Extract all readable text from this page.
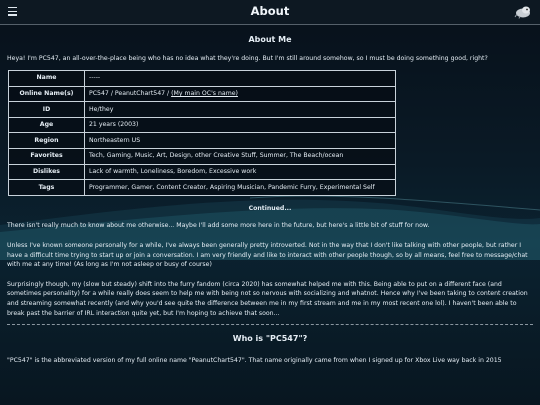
About
About Me

Heya! I'm PC547, an all-over-the-place being who has no idea what they're doing. But I'm still around somehow, so I must be doing something good, right?

Name	-----
Online Name(s)	PC547 / PeanutChart547 / (My main OC's name)
ID	He/they
Age	21 years (2003)
Region	Northeastern US
Favorites	Tech, Gaming, Music, Art, Design, other Creative Stuff, Summer, The Beach/ocean
Dislikes	Lack of warmth, Loneliness, Boredom, Excessive work
Tags	Programmer, Gamer, Content Creator, Aspiring Musician, Pandemic Furry, Experimental Self
Continued...

There isn't really much to know about me otherwise... Maybe I'll add some more here in the future, but here's a little bit of stuff for now.

Unless I've known someone personally for a while, I've always been generally pretty introverted. Not in the way that I don't like talking with other people, but rather I have a difficult time trying to start up or join a conversation. I am very friendly and like to interact with other people though, so by all means, feel free to message/chat with me at any time! (As long as I'm not asleep or busy of course)

Surprisingly though, my (slow but steady) shift into the furry fandom (circa 2020) has somewhat helped me with this. Being able to put on a different face (and sometimes personality) for a while really does seem to help me with being not so nervous with socializing and whatnot. Hence why I've been taking to content creation and streaming somewhat recently (and why you'd see quite the difference between me in my first stream and me in my most recent one lol). I haven't been able to break past the barrier of IRL interaction quite yet, but I'm hoping to achieve that soon...

Who is "PC547"?

"PC547" is the abbreviated version of my full online name "PeanutChart547". That name originally came from when I signed up for Xbox Live way back in 2015
